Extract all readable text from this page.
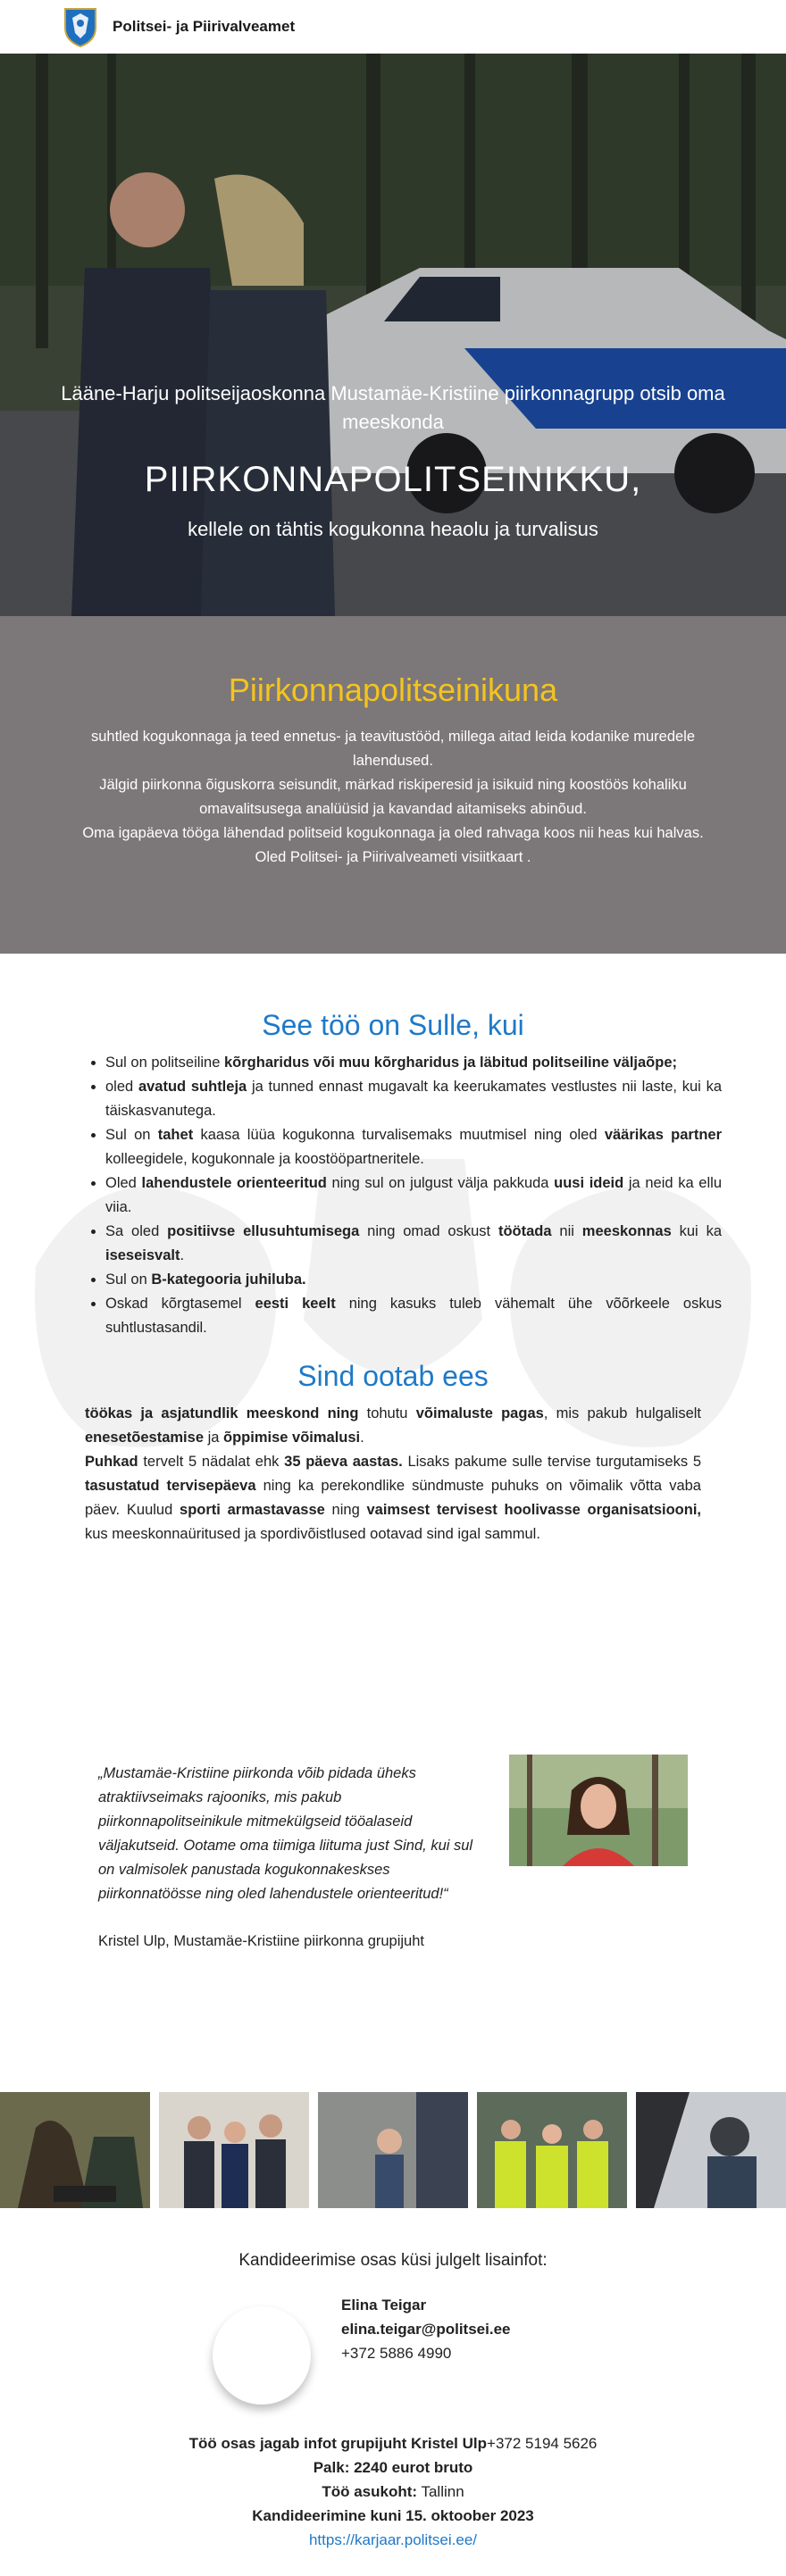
Politsei- ja Piirivalveamet
Lääne-Harju politseijaoskonna Mustamäe-Kristiine piirkonnagrupp otsib oma meeskonda
PIIRKONNAPOLITSEINIKKU,
kellele on tähtis kogukonna heaolu ja turvalisus
Piirkonnapolitseinikuna

suhtled kogukonnaga ja teed ennetus- ja teavitustööd, millega aitad leida kodanike muredele lahendused.

Jälgid piirkonna õiguskorra seisundit, märkad riskiperesid ja isikuid ning koostöös kohaliku omavalitsusega analüüsid ja kavandad aitamiseks abinõud.

Oma igapäeva tööga lähendad politseid kogukonnaga ja oled rahvaga koos nii heas kui halvas.

Oled Politsei- ja Piirivalveameti visiitkaart .

See töö on Sulle, kui
• Sul on politseiline kõrgharidus või muu kõrgharidus ja läbitud politseiline väljaõpe;
• oled avatud suhtleja ja tunned ennast mugavalt ka keerukamates vestlustes nii laste, kui ka täiskasvanutega.
• Sul on tahet kaasa lüüa kogukonna turvalisemaks muutmisel ning oled väärikas partner kolleegidele, kogukonnale ja koostööpartneritele.
• Oled lahendustele orienteeritud ning sul on julgust välja pakkuda uusi ideid ja neid ka ellu viia.
• Sa oled positiivse ellusuhtumisega ning omad oskust töötada nii meeskonnas kui ka iseseisvalt.
• Sul on B-kategooria juhiluba.
• Oskad kõrgtasemel eesti keelt ning kasuks tuleb vähemalt ühe võõrkeele oskus suhtlustasandil.
Sind ootab ees

töökas ja asjatundlik meeskond ning tohutu võimaluste pagas, mis pakub hulgaliselt enesetõestamise ja õppimise võimalusi.

Puhkad tervelt 5 nädalat ehk 35 päeva aastas. Lisaks pakume sulle tervise turgutamiseks 5 tasustatud tervisepäeva ning ka perekondlike sündmuste puhuks on võimalik võtta vaba päev. Kuulud sporti armastavasse ning vaimsest tervisest hoolivasse organisatsiooni, kus meeskonnaüritused ja spordivõistlused ootavad sind igal sammul.

„Mustamäe-Kristiine piirkonda võib pidada üheks atraktiivseimaks rajooniks, mis pakub piirkonnapolitseinikule mitmekülgseid tööalaseid väljakutseid. Ootame oma tiimiga liituma just Sind, kui sul on valmisolek panustada kogukonnakeskses piirkonnatöösse ning oled lahendustele orienteeritud!“

Kristel Ulp, Mustamäe-Kristiine piirkonna grupijuht

Kandideerimise osas küsi julgelt lisainfot:

Elina Teigar
elina.teigar@politsei.ee
+372 5886 4990
Töö osas jagab infot grupijuht Kristel Ulp+372 5194 5626
Palk: 2240 eurot bruto
Töö asukoht: Tallinn
Kandideerimine kuni 15. oktoober 2023
https://karjaar.politsei.ee/
